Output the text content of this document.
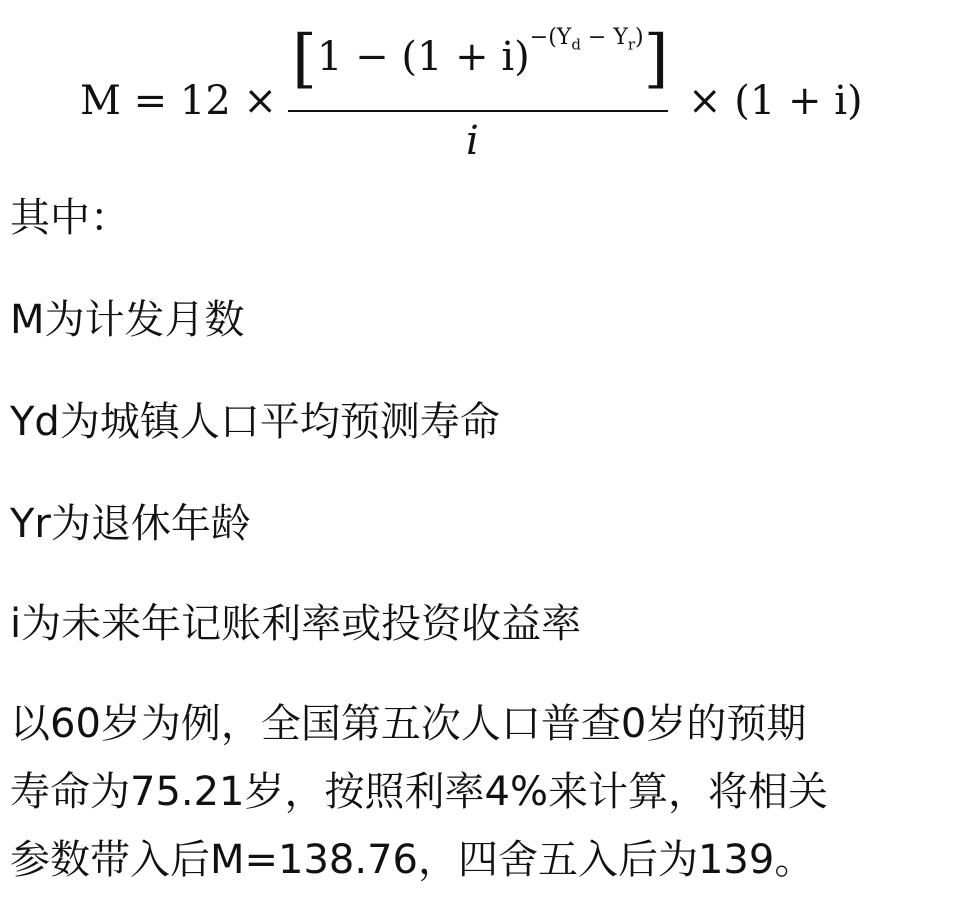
M = 12 ×
$[1 - (1 + i)^{-(Y_d - Y_r)}]$
i
× (1 + i)
其中：
M为计发月数
Yd为城镇人口平均预测寿命
Yr为退休年龄
i为未来年记账利率或投资收益率
以60岁为例，全国第五次人口普查0岁的预期
寿命为75.21岁，按照利率4%来计算，将相关
参数带入后M=138.76，四舍五入后为139。
